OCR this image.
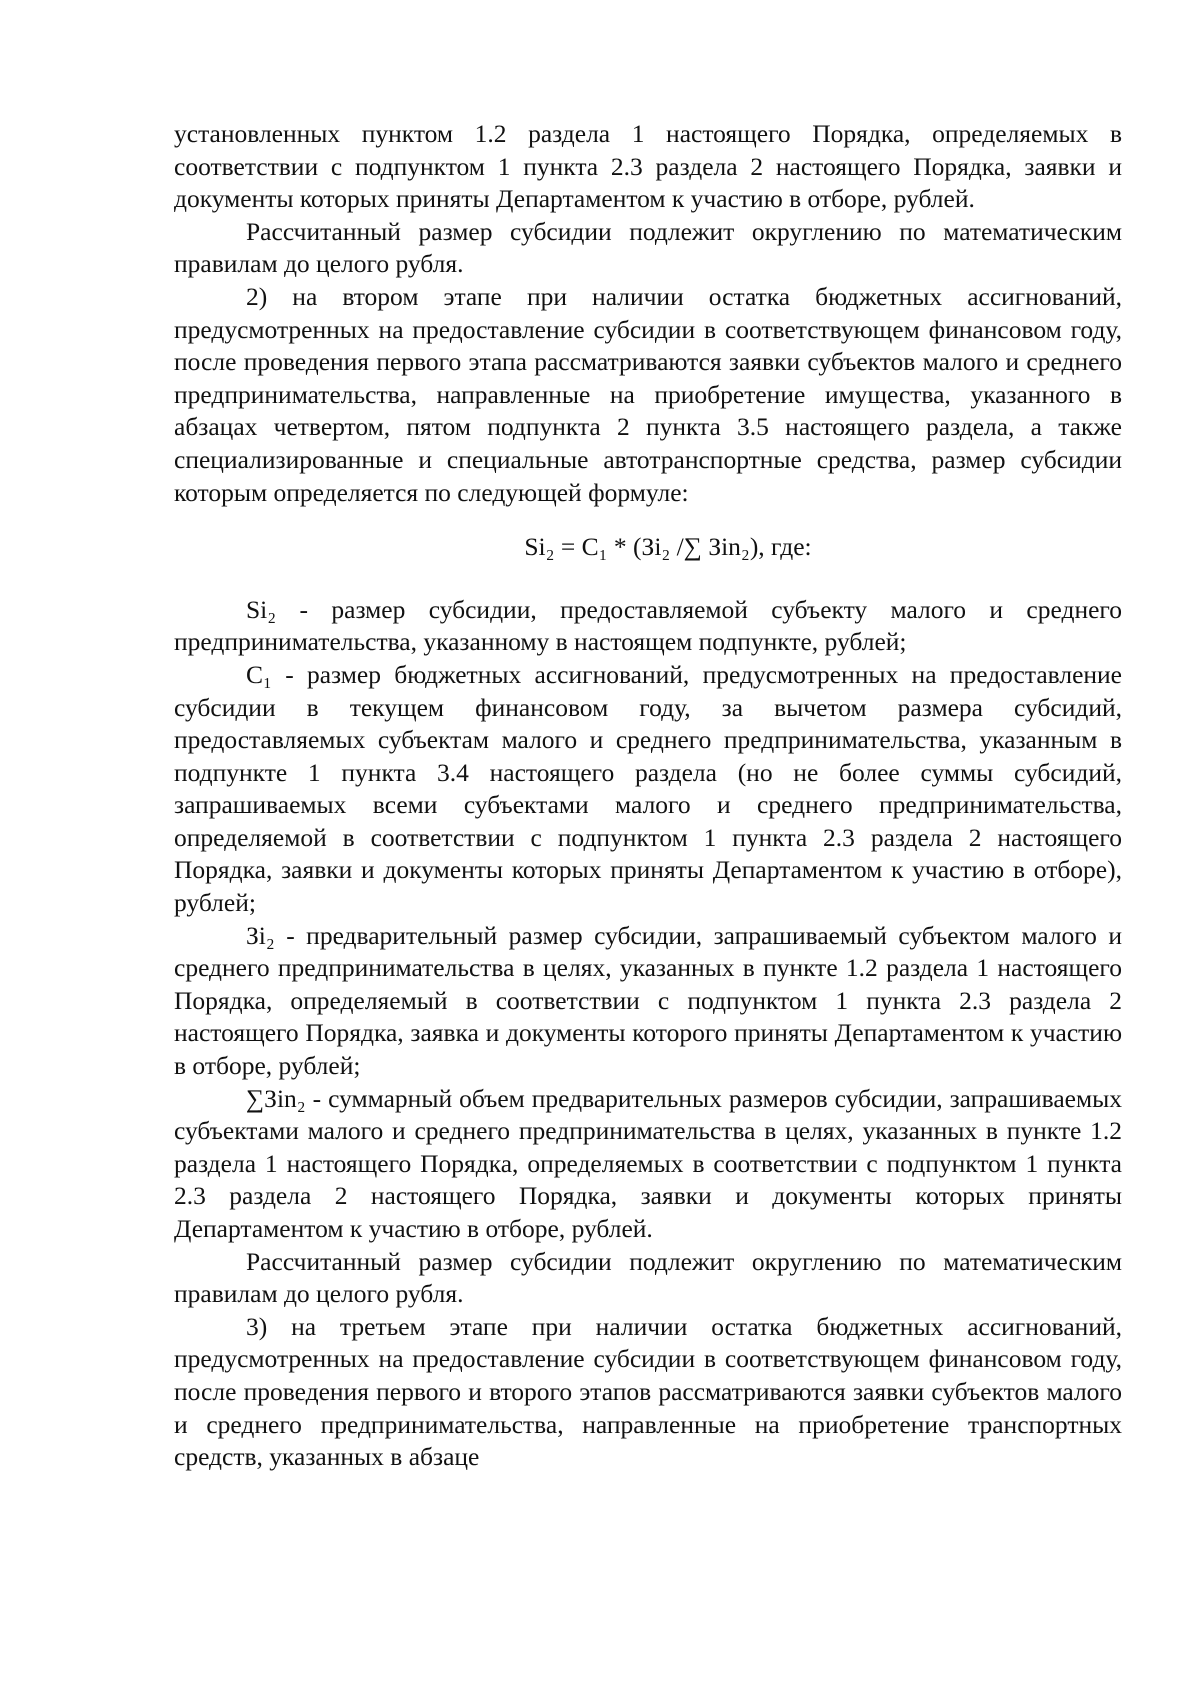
установленных пунктом 1.2 раздела 1 настоящего Порядка, определяемых в соответствии с подпунктом 1 пункта 2.3 раздела 2 настоящего Порядка, заявки и документы которых приняты Департаментом к участию в отборе, рублей.

Рассчитанный размер субсидии подлежит округлению по математическим правилам до целого рубля.

2) на втором этапе при наличии остатка бюджетных ассигнований, предусмотренных на предоставление субсидии в соответствующем финансовом году, после проведения первого этапа рассматриваются заявки субъектов малого и среднего предпринимательства, направленные на приобретение имущества, указанного в абзацах четвертом, пятом подпункта 2 пункта 3.5 настоящего раздела, а также специализированные и специальные автотранспортные средства, размер субсидии которым определяется по следующей формуле:

Si₂ = C₁ * (Зi₂ /∑ Зin₂), где:

Si₂ - размер субсидии, предоставляемой субъекту малого и среднего предпринимательства, указанному в настоящем подпункте, рублей;

C₁ - размер бюджетных ассигнований, предусмотренных на предоставление субсидии в текущем финансовом году, за вычетом размера субсидий, предоставляемых субъектам малого и среднего предпринимательства, указанным в подпункте 1 пункта 3.4 настоящего раздела (но не более суммы субсидий, запрашиваемых всеми субъектами малого и среднего предпринимательства, определяемой в соответствии с подпунктом 1 пункта 2.3 раздела 2 настоящего Порядка, заявки и документы которых приняты Департаментом к участию в отборе), рублей;

Зi₂ - предварительный размер субсидии, запрашиваемый субъектом малого и среднего предпринимательства в целях, указанных в пункте 1.2 раздела 1 настоящего Порядка, определяемый в соответствии с подпунктом 1 пункта 2.3 раздела 2 настоящего Порядка, заявка и документы которого приняты Департаментом к участию в отборе, рублей;

∑Зin₂ - суммарный объем предварительных размеров субсидии, запрашиваемых субъектами малого и среднего предпринимательства в целях, указанных в пункте 1.2 раздела 1 настоящего Порядка, определяемых в соответствии с подпунктом 1 пункта 2.3 раздела 2 настоящего Порядка, заявки и документы которых приняты Департаментом к участию в отборе, рублей.

Рассчитанный размер субсидии подлежит округлению по математическим правилам до целого рубля.

3) на третьем этапе при наличии остатка бюджетных ассигнований, предусмотренных на предоставление субсидии в соответствующем финансовом году, после проведения первого и второго этапов рассматриваются заявки субъектов малого и среднего предпринимательства, направленные на приобретение транспортных средств, указанных в абзаце
